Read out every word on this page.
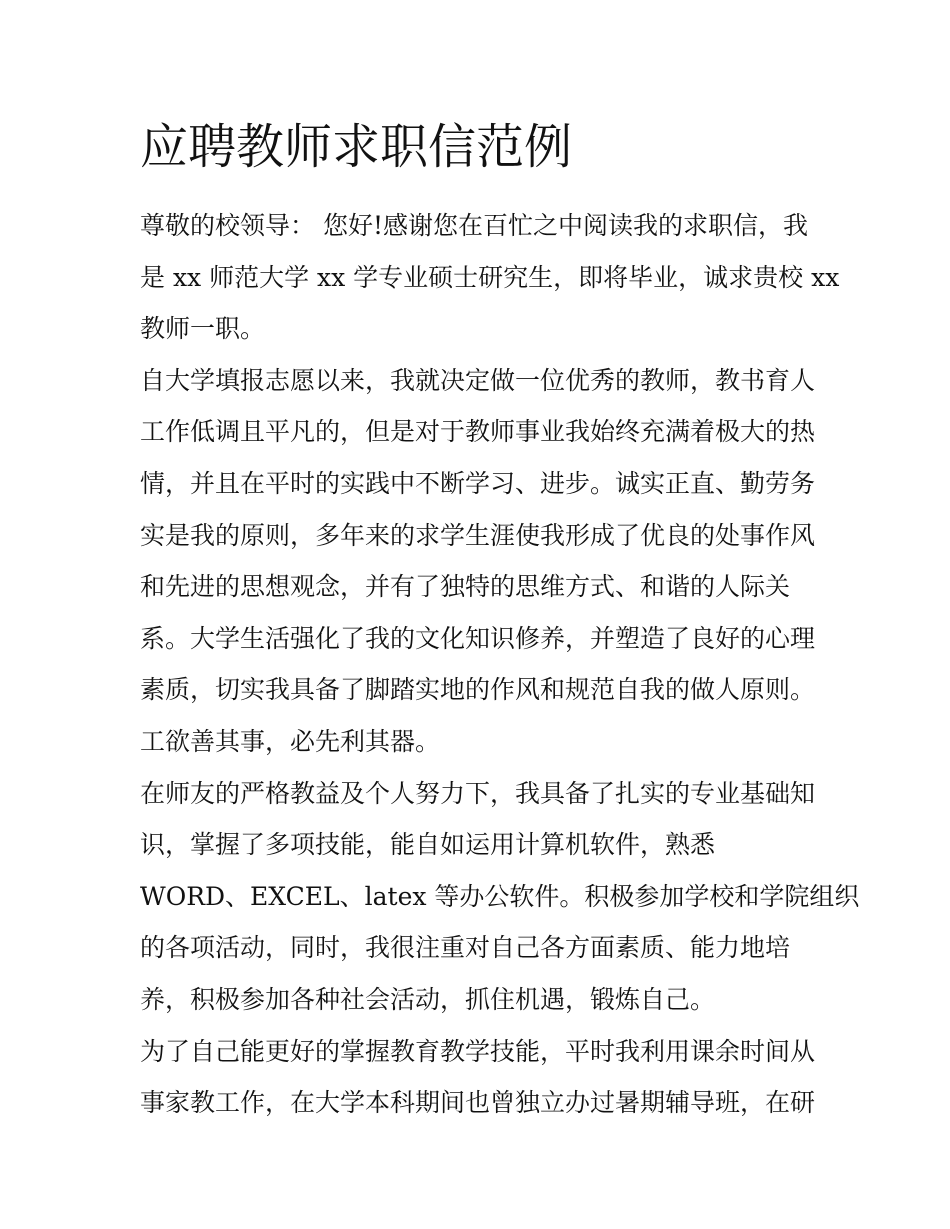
应聘教师求职信范例

尊敬的校领导： 您好!感谢您在百忙之中阅读我的求职信，我
是 xx 师范大学 xx 学专业硕士研究生，即将毕业，诚求贵校 xx
教师一职。

自大学填报志愿以来，我就决定做一位优秀的教师，教书育人
工作低调且平凡的，但是对于教师事业我始终充满着极大的热
情，并且在平时的实践中不断学习、进步。诚实正直、勤劳务
实是我的原则，多年来的求学生涯使我形成了优良的处事作风
和先进的思想观念，并有了独特的思维方式、和谐的人际关
系。大学生活强化了我的文化知识修养，并塑造了良好的心理
素质，切实我具备了脚踏实地的作风和规范自我的做人原则。
工欲善其事，必先利其器。

在师友的严格教益及个人努力下，我具备了扎实的专业基础知
识，掌握了多项技能，能自如运用计算机软件，熟悉
WORD、EXCEL、latex 等办公软件。积极参加学校和学院组织
的各项活动，同时，我很注重对自己各方面素质、能力地培
养，积极参加各种社会活动，抓住机遇，锻炼自己。

为了自己能更好的掌握教育教学技能，平时我利用课余时间从
事家教工作，在大学本科期间也曾独立办过暑期辅导班，在研
